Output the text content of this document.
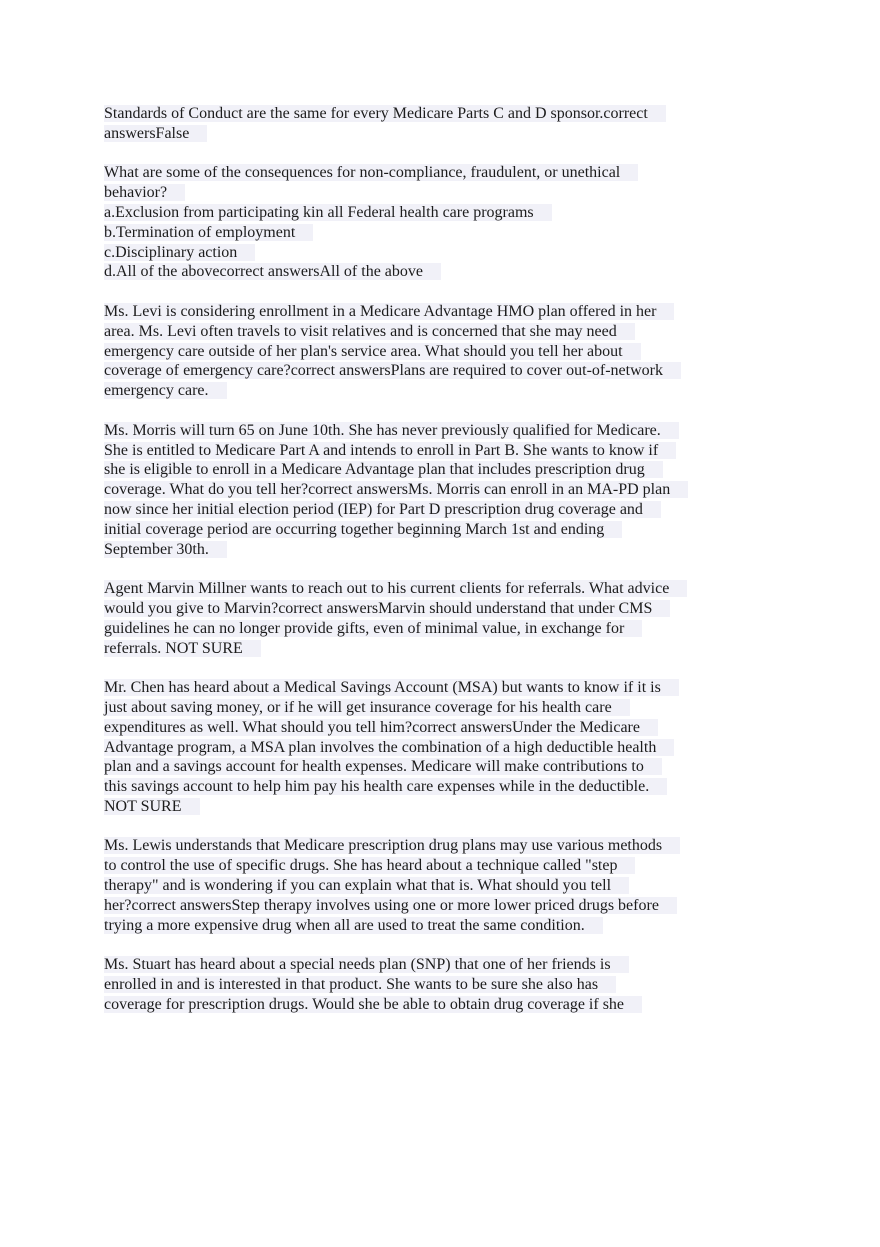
Standards of Conduct are the same for every Medicare Parts C and D sponsor.correct
answersFalse
What are some of the consequences for non-compliance, fraudulent, or unethical
behavior?
a.Exclusion from participating kin all Federal health care programs
b.Termination of employment
c.Disciplinary action
d.All of the abovecorrect answersAll of the above
Ms. Levi is considering enrollment in a Medicare Advantage HMO plan offered in her
area. Ms. Levi often travels to visit relatives and is concerned that she may need
emergency care outside of her plan's service area. What should you tell her about
coverage of emergency care?correct answersPlans are required to cover out-of-network
emergency care.
Ms. Morris will turn 65 on June 10th. She has never previously qualified for Medicare.
She is entitled to Medicare Part A and intends to enroll in Part B. She wants to know if
she is eligible to enroll in a Medicare Advantage plan that includes prescription drug
coverage. What do you tell her?correct answersMs. Morris can enroll in an MA-PD plan
now since her initial election period (IEP) for Part D prescription drug coverage and
initial coverage period are occurring together beginning March 1st and ending
September 30th.
Agent Marvin Millner wants to reach out to his current clients for referrals. What advice
would you give to Marvin?correct answersMarvin should understand that under CMS
guidelines he can no longer provide gifts, even of minimal value, in exchange for
referrals. NOT SURE
Mr. Chen has heard about a Medical Savings Account (MSA) but wants to know if it is
just about saving money, or if he will get insurance coverage for his health care
expenditures as well. What should you tell him?correct answersUnder the Medicare
Advantage program, a MSA plan involves the combination of a high deductible health
plan and a savings account for health expenses. Medicare will make contributions to
this savings account to help him pay his health care expenses while in the deductible.
NOT SURE
Ms. Lewis understands that Medicare prescription drug plans may use various methods
to control the use of specific drugs. She has heard about a technique called "step
therapy" and is wondering if you can explain what that is. What should you tell
her?correct answersStep therapy involves using one or more lower priced drugs before
trying a more expensive drug when all are used to treat the same condition.
Ms. Stuart has heard about a special needs plan (SNP) that one of her friends is
enrolled in and is interested in that product. She wants to be sure she also has
coverage for prescription drugs. Would she be able to obtain drug coverage if she
